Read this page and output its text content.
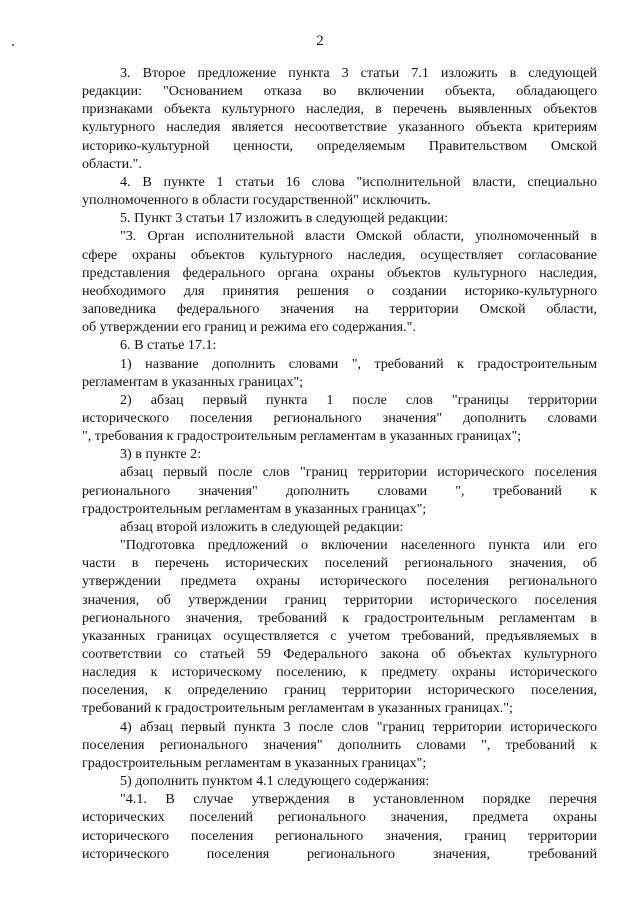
2
3. Второе предложение пункта 3 статьи 7.1 изложить в следующей
редакции: "Основанием отказа во включении объекта, обладающего
признаками объекта культурного наследия, в перечень выявленных объектов
культурного наследия является несоответствие указанного объекта критериям
историко-культурной ценности, определяемым Правительством Омской
области.".
4. В пункте 1 статьи 16 слова "исполнительной власти, специально
уполномоченного в области государственной" исключить.
5. Пункт 3 статьи 17 изложить в следующей редакции:
"3. Орган исполнительной власти Омской области, уполномоченный в
сфере охраны объектов культурного наследия, осуществляет согласование
представления федерального органа охраны объектов культурного наследия,
необходимого для принятия решения о создании историко-культурного
заповедника федерального значения на территории Омской области,
об утверждении его границ и режима его содержания.".
6. В статье 17.1:
1) название дополнить словами ", требований к градостроительным
регламентам в указанных границах";
2) абзац первый пункта 1 после слов "границы территории
исторического поселения регионального значения" дополнить словами
", требования к градостроительным регламентам в указанных границах";
3) в пункте 2:
абзац первый после слов "границ территории исторического поселения
регионального значения" дополнить словами ", требований к
градостроительным регламентам в указанных границах";
абзац второй изложить в следующей редакции:
"Подготовка предложений о включении населенного пункта или его
части в перечень исторических поселений регионального значения, об
утверждении предмета охраны исторического поселения регионального
значения, об утверждении границ территории исторического поселения
регионального значения, требований к градостроительным регламентам в
указанных границах осуществляется с учетом требований, предъявляемых в
соответствии со статьей 59 Федерального закона об объектах культурного
наследия к историческому поселению, к предмету охраны исторического
поселения, к определению границ территории исторического поселения,
требований к градостроительным регламентам в указанных границах.";
4) абзац первый пункта 3 после слов "границ территории исторического
поселения регионального значения" дополнить словами ", требований к
градостроительным регламентам в указанных границах";
5) дополнить пунктом 4.1 следующего содержания:
"4.1. В случае утверждения в установленном порядке перечня
исторических поселений регионального значения, предмета охраны
исторического поселения регионального значения, границ территории
исторического поселения регионального значения, требований
